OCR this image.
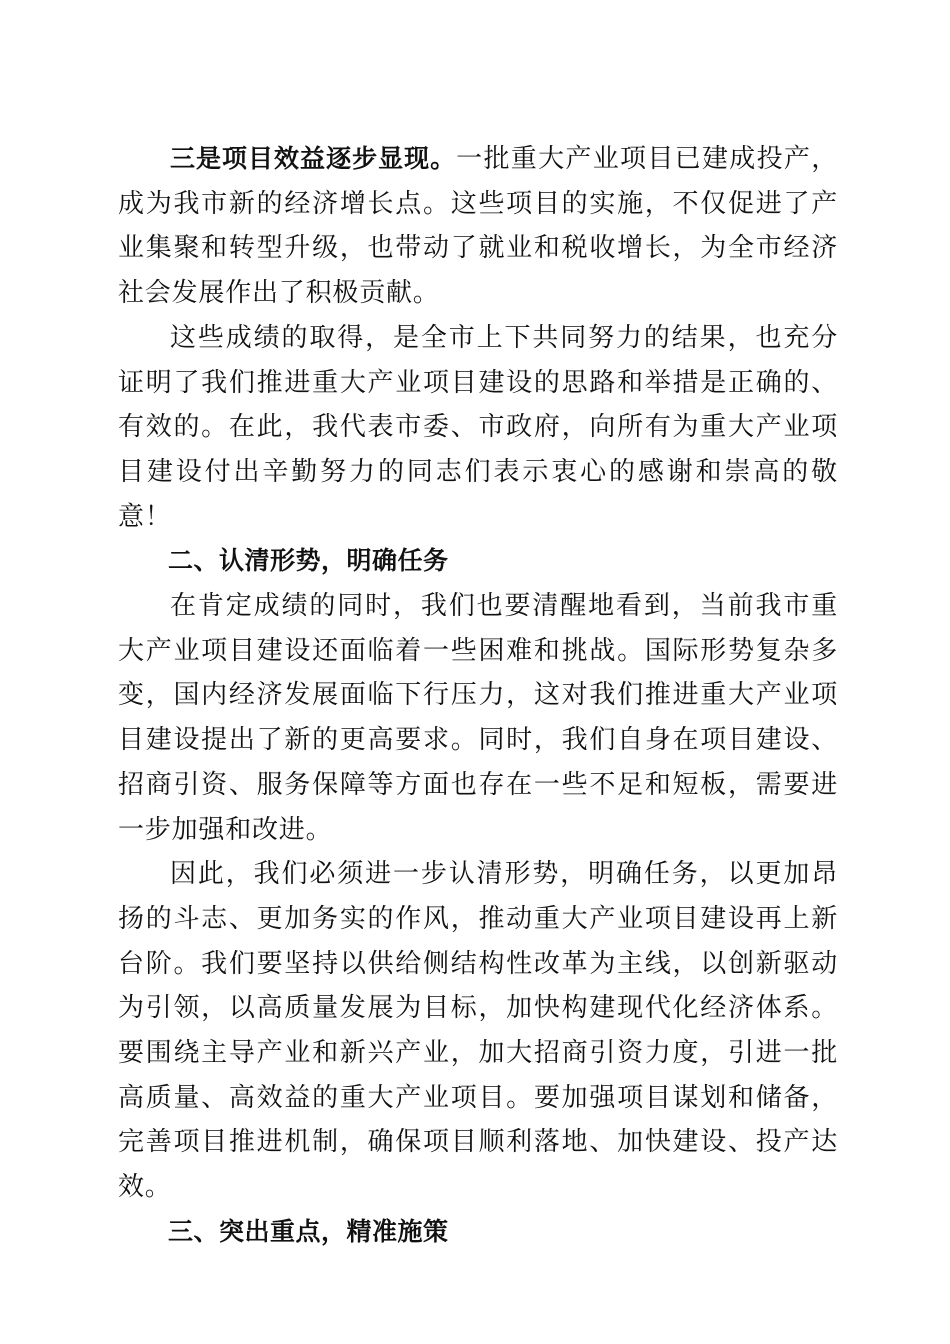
三是项目效益逐步显现。一批重大产业项目已建成投产，成为我市新的经济增长点。这些项目的实施，不仅促进了产业集聚和转型升级，也带动了就业和税收增长，为全市经济社会发展作出了积极贡献。

这些成绩的取得，是全市上下共同努力的结果，也充分证明了我们推进重大产业项目建设的思路和举措是正确的、有效的。在此，我代表市委、市政府，向所有为重大产业项目建设付出辛勤努力的同志们表示衷心的感谢和崇高的敬意！

二、认清形势，明确任务

在肯定成绩的同时，我们也要清醒地看到，当前我市重大产业项目建设还面临着一些困难和挑战。国际形势复杂多变，国内经济发展面临下行压力，这对我们推进重大产业项目建设提出了新的更高要求。同时，我们自身在项目建设、招商引资、服务保障等方面也存在一些不足和短板，需要进一步加强和改进。

因此，我们必须进一步认清形势，明确任务，以更加昂扬的斗志、更加务实的作风，推动重大产业项目建设再上新台阶。我们要坚持以供给侧结构性改革为主线，以创新驱动为引领，以高质量发展为目标，加快构建现代化经济体系。要围绕主导产业和新兴产业，加大招商引资力度，引进一批高质量、高效益的重大产业项目。要加强项目谋划和储备，完善项目推进机制，确保项目顺利落地、加快建设、投产达效。

三、突出重点，精准施策
